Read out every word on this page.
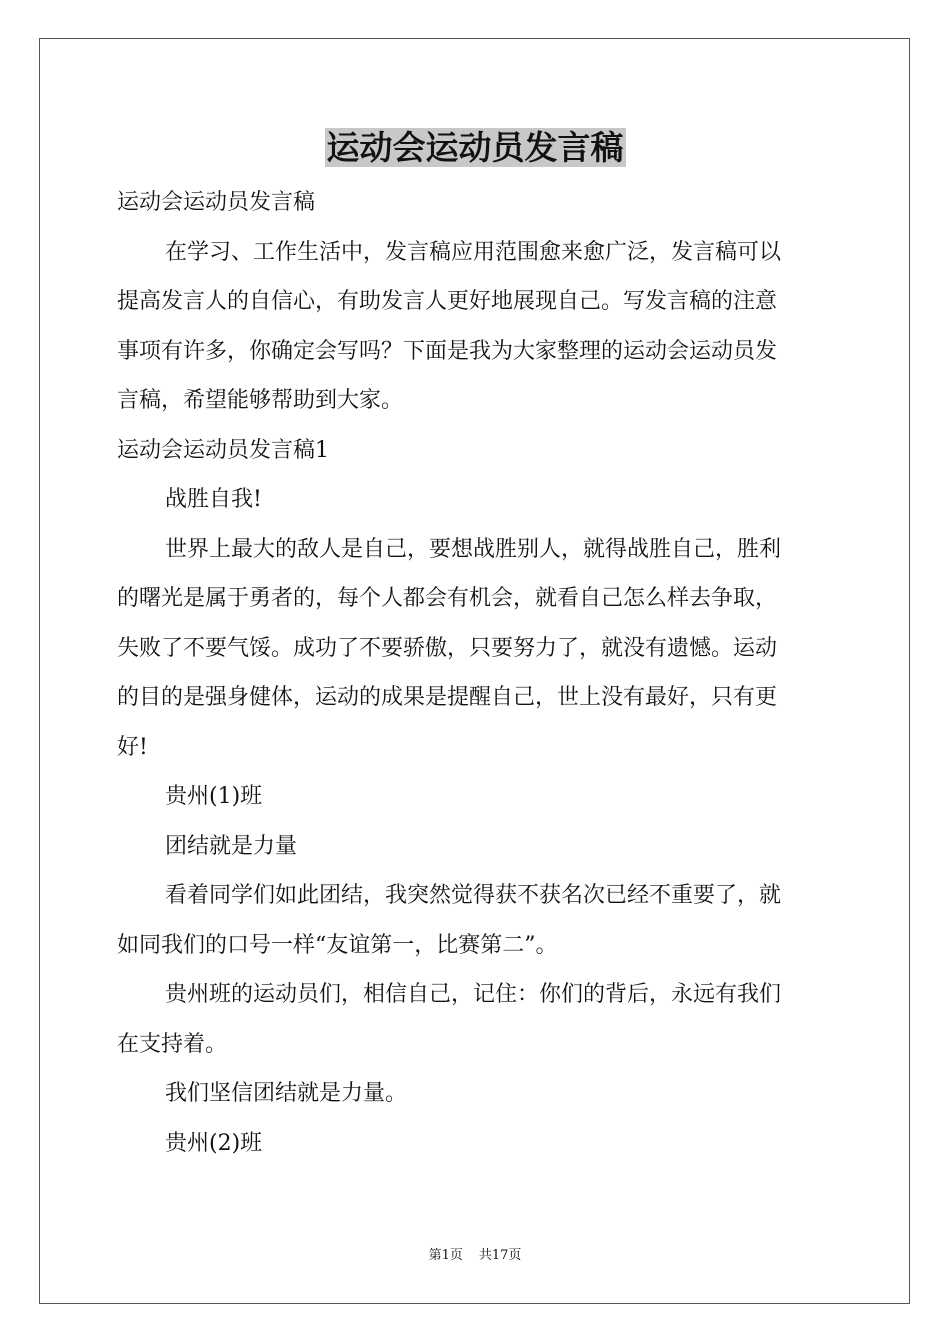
运动会运动员发言稿

运动会运动员发言稿

在学习、工作生活中，发言稿应用范围愈来愈广泛，发言稿可以

提高发言人的自信心，有助发言人更好地展现自己。写发言稿的注意

事项有许多，你确定会写吗？下面是我为大家整理的运动会运动员发

言稿，希望能够帮助到大家。

运动会运动员发言稿1

战胜自我!

世界上最大的敌人是自己，要想战胜别人，就得战胜自己，胜利

的曙光是属于勇者的，每个人都会有机会，就看自己怎么样去争取，

失败了不要气馁。成功了不要骄傲，只要努力了，就没有遗憾。运动

的目的是强身健体，运动的成果是提醒自己，世上没有最好，只有更

好!

贵州(1)班

团结就是力量

看着同学们如此团结，我突然觉得获不获名次已经不重要了，就

如同我们的口号一样“友谊第一，比赛第二”。

贵州班的运动员们，相信自己，记住：你们的背后，永远有我们

在支持着。

我们坚信团结就是力量。

贵州(2)班

第1页 共17页
